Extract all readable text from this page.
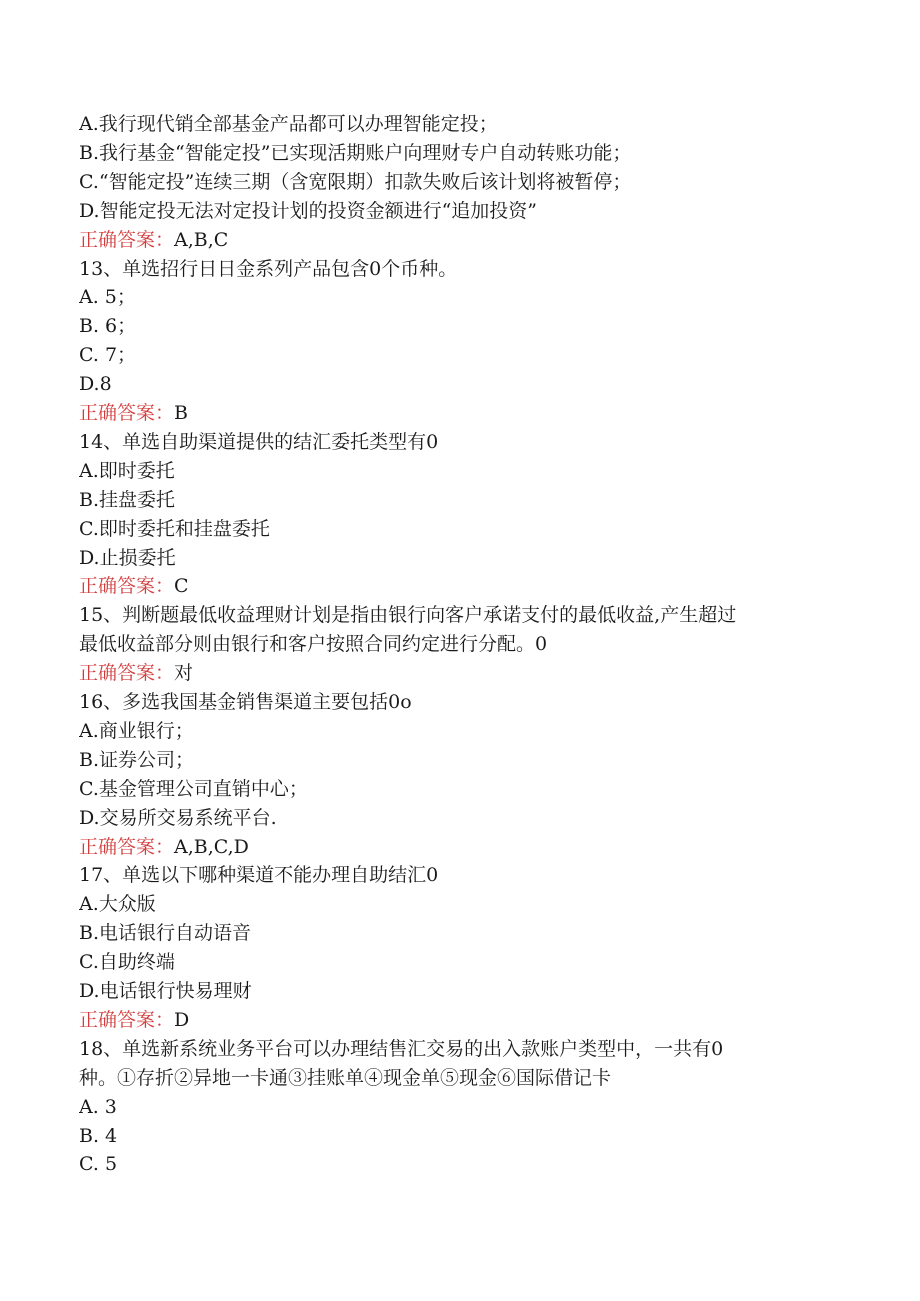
A.我行现代销全部基金产品都可以办理智能定投；
B.我行基金“智能定投”已实现活期账户向理财专户自动转账功能；
C.“智能定投”连续三期（含宽限期）扣款失败后该计划将被暂停；
D.智能定投无法对定投计划的投资金额进行“追加投资”
正确答案：A,B,C
13、单选招行日日金系列产品包含0个币种。
A. 5；
B. 6；
C. 7；
D.8
正确答案：B
14、单选自助渠道提供的结汇委托类型有0
A.即时委托
B.挂盘委托
C.即时委托和挂盘委托
D.止损委托
正确答案：C
15、判断题最低收益理财计划是指由银行向客户承诺支付的最低收益,产生超过
最低收益部分则由银行和客户按照合同约定进行分配。0
正确答案：对
16、多选我国基金销售渠道主要包括0o
A.商业银行；
B.证券公司；
C.基金管理公司直销中心；
D.交易所交易系统平台.
正确答案：A,B,C,D
17、单选以下哪种渠道不能办理自助结汇0
A.大众版
B.电话银行自动语音
C.自助终端
D.电话银行快易理财
正确答案：D
18、单选新系统业务平台可以办理结售汇交易的出入款账户类型中，一共有0
种。①存折②异地一卡通③挂账单④现金单⑤现金⑥国际借记卡
A. 3
B. 4
C. 5
